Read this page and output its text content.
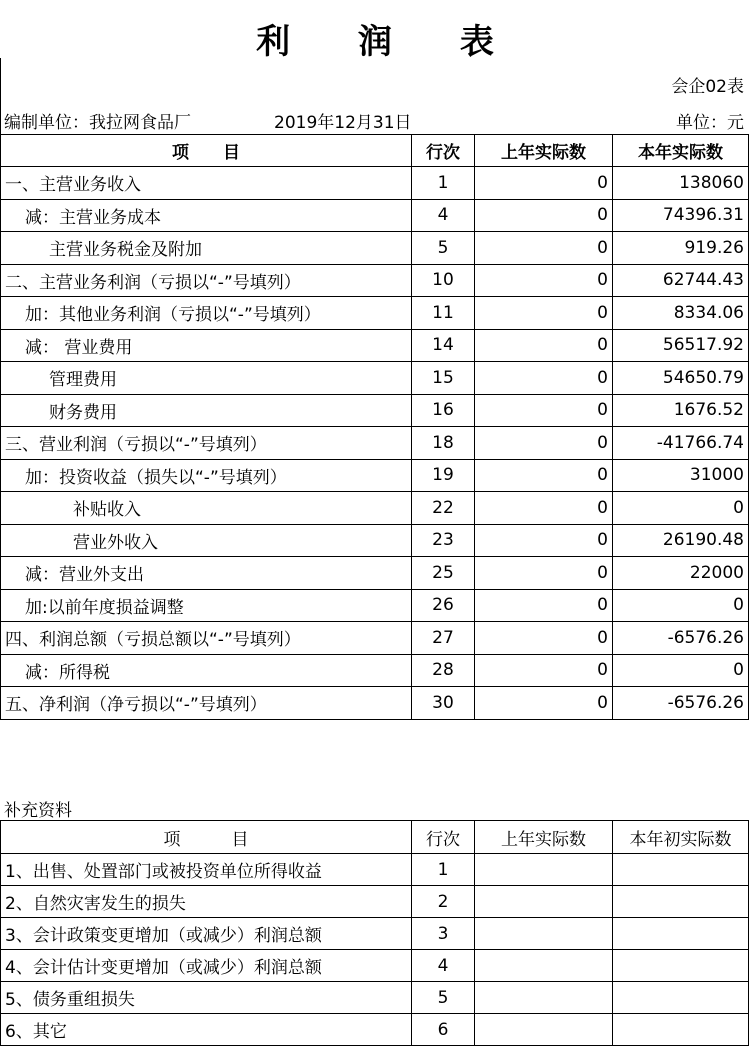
利 润 表
会企02表
编制单位：我拉网食品厂	2019年12月31日	单位：元
项　　目	行次	上年实际数	本年实际数
一、主营业务收入	1	0	138060
减：主营业务成本	4	0	74396.31
主营业务税金及附加	5	0	919.26
二、主营业务利润（亏损以“-”号填列）	10	0	62744.43
加：其他业务利润（亏损以“-”号填列）	11	0	8334.06
减： 营业费用	14	0	56517.92
管理费用	15	0	54650.79
财务费用	16	0	1676.52
三、营业利润（亏损以“-”号填列）	18	0	-41766.74
加：投资收益（损失以“-”号填列）	19	0	31000
补贴收入	22	0	0
营业外收入	23	0	26190.48
减：营业外支出	25	0	22000
加:以前年度损益调整	26	0	0
四、利润总额（亏损总额以“-”号填列）	27	0	-6576.26
减：所得税	28	0	0
五、净利润（净亏损以“-”号填列）	30	0	-6576.26
补充资料
项　　　目	行次	上年实际数	本年初实际数
1、出售、处置部门或被投资单位所得收益	1		
2、自然灾害发生的损失	2		
3、会计政策变更增加（或减少）利润总额	3		
4、会计估计变更增加（或减少）利润总额	4		
5、债务重组损失	5		
6、其它	6		
